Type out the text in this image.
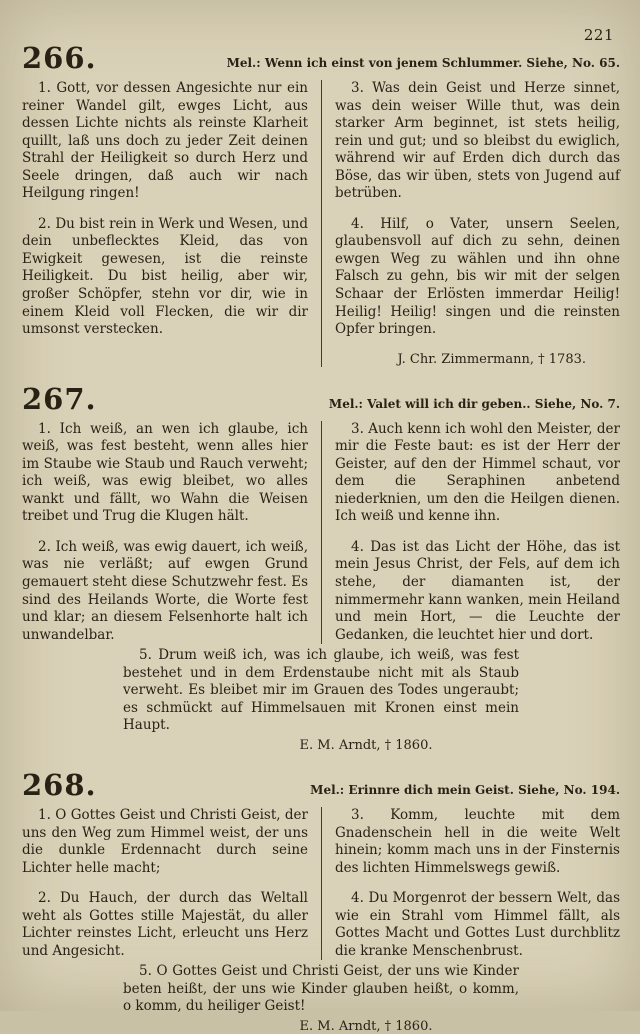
221
266.	Mel.: Wenn ich einst von jenem Schlummer. Siehe, No. 65.

1. Gott, vor dessen Angesichte nur ein reiner Wandel gilt, ewges Licht, aus dessen Lichte nichts als reinste Klarheit quillt, laß uns doch zu jeder Zeit deinen Strahl der Heiligkeit so durch Herz und Seele dringen, daß auch wir nach Heilgung ringen!

2. Du bist rein in Werk und Wesen, und dein unbeflecktes Kleid, das von Ewigkeit gewesen, ist die reinste Heiligkeit. Du bist heilig, aber wir, großer Schöpfer, stehn vor dir, wie in einem Kleid voll Flecken, die wir dir umsonst verstecken.

3. Was dein Geist und Herze sinnet, was dein weiser Wille thut, was dein starker Arm beginnet, ist stets heilig, rein und gut; und so bleibst du ewiglich, während wir auf Erden dich durch das Böse, das wir üben, stets von Jugend auf betrüben.

4. Hilf, o Vater, unsern Seelen, glaubensvoll auf dich zu sehn, deinen ewgen Weg zu wählen und ihn ohne Falsch zu gehn, bis wir mit der selgen Schaar der Erlösten immerdar Heilig! Heilig! Heilig! singen und die reinsten Opfer bringen.

J. Chr. Zimmermann, † 1783.

267.	Mel.: Valet will ich dir geben.. Siehe, No. 7.

1. Ich weiß, an wen ich glaube, ich weiß, was fest besteht, wenn alles hier im Staube wie Staub und Rauch verweht; ich weiß, was ewig bleibet, wo alles wankt und fällt, wo Wahn die Weisen treibet und Trug die Klugen hält.

2. Ich weiß, was ewig dauert, ich weiß, was nie verläßt; auf ewgen Grund gemauert steht diese Schutzwehr fest. Es sind des Heilands Worte, die Worte fest und klar; an diesem Felsenhorte halt ich unwandelbar.

3. Auch kenn ich wohl den Meister, der mir die Feste baut: es ist der Herr der Geister, auf den der Himmel schaut, vor dem die Seraphinen anbetend niederknien, um den die Heilgen dienen. Ich weiß und kenne ihn.

4. Das ist das Licht der Höhe, das ist mein Jesus Christ, der Fels, auf dem ich stehe, der diamanten ist, der nimmermehr kann wanken, mein Heiland und mein Hort, — die Leuchte der Gedanken, die leuchtet hier und dort.

5. Drum weiß ich, was ich glaube, ich weiß, was fest bestehet und in dem Erdenstaube nicht mit als Staub verweht. Es bleibet mir im Grauen des Todes ungeraubt; es schmückt auf Himmelsauen mit Kronen einst mein Haupt.

E. M. Arndt, † 1860.

268.	Mel.: Erinnre dich mein Geist. Siehe, No. 194.

1. O Gottes Geist und Christi Geist, der uns den Weg zum Himmel weist, der uns die dunkle Erdennacht durch seine Lichter helle macht;

2. Du Hauch, der durch das Weltall weht als Gottes stille Majestät, du aller Lichter reinstes Licht, erleucht uns Herz und Angesicht.

3. Komm, leuchte mit dem Gnadenschein hell in die weite Welt hinein; komm mach uns in der Finsternis des lichten Himmelswegs gewiß.

4. Du Morgenrot der bessern Welt, das wie ein Strahl vom Himmel fällt, als Gottes Macht und Gottes Lust durchblitz die kranke Menschenbrust.

5. O Gottes Geist und Christi Geist, der uns wie Kinder beten heißt, der uns wie Kinder glauben heißt, o komm, o komm, du heiliger Geist!

E. M. Arndt, † 1860.
